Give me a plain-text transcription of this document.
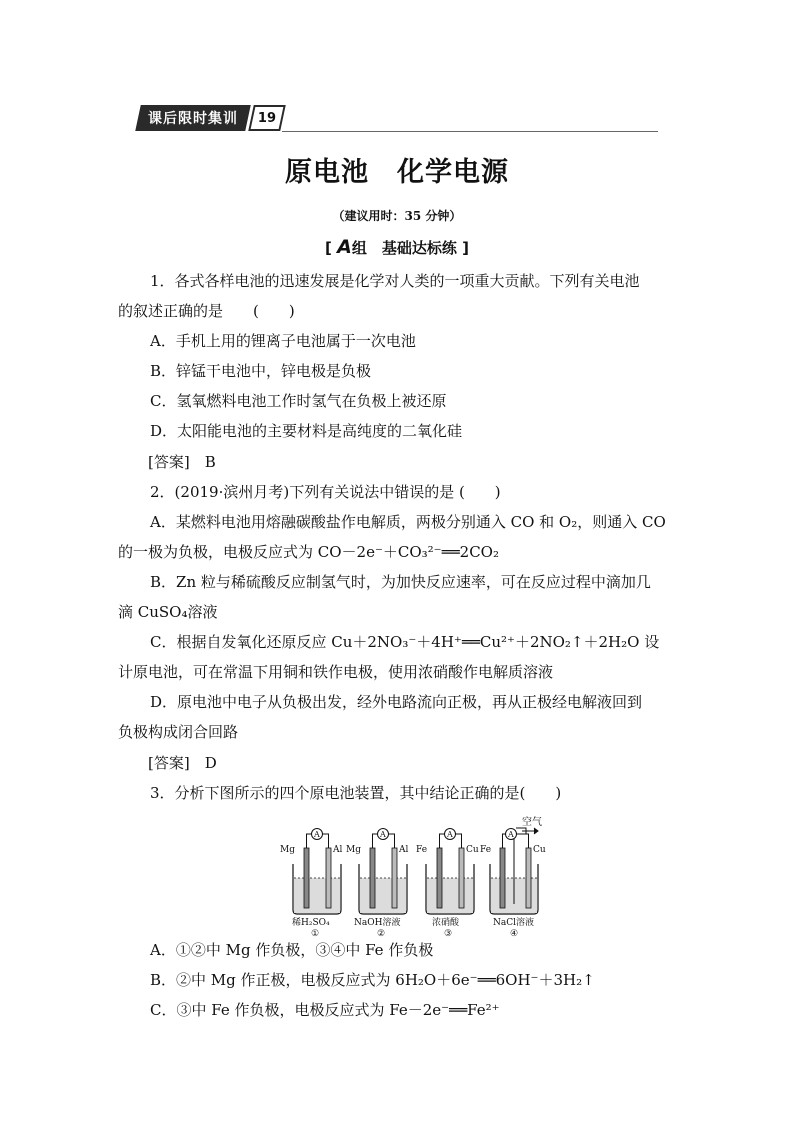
课后限时集训 19
原电池　化学电源
（建议用时：35 分钟）
[ A组　基础达标练 ]
1．各式各样电池的迅速发展是化学对人类的一项重大贡献。下列有关电池
的叙述正确的是　　(　　)
A．手机上用的锂离子电池属于一次电池
B．锌锰干电池中，锌电极是负极
C．氢氧燃料电池工作时氢气在负极上被还原
D．太阳能电池的主要材料是高纯度的二氧化硅
[答案]　B
2．(2019·滨州月考)下列有关说法中错误的是 (　　)
A．某燃料电池用熔融碳酸盐作电解质，两极分别通入 CO 和 O₂，则通入 CO
的一极为负极，电极反应式为 CO－2e⁻＋CO₃²⁻══2CO₂
B．Zn 粒与稀硫酸反应制氢气时，为加快反应速率，可在反应过程中滴加几
滴 CuSO₄溶液
C．根据自发氧化还原反应 Cu＋2NO₃⁻＋4H⁺══Cu²⁺＋2NO₂↑＋2H₂O 设
计原电池，可在常温下用铜和铁作电极，使用浓硝酸作电解质溶液
D．原电池中电子从负极出发，经外电路流向正极，再从正极经电解液回到
负极构成闭合回路
[答案]　D
3．分析下图所示的四个原电池装置，其中结论正确的是(　　)
空气
A
Mg	Al
稀H₂SO₄
①
A
Mg	Al
NaOH溶液
②
A
Fe	Cu
浓硝酸
③
A
Fe	Cu
NaCl溶液
④
A．①②中 Mg 作负极，③④中 Fe 作负极
B．②中 Mg 作正极，电极反应式为 6H₂O＋6e⁻══6OH⁻＋3H₂↑
C．③中 Fe 作负极，电极反应式为 Fe－2e⁻══Fe²⁺
